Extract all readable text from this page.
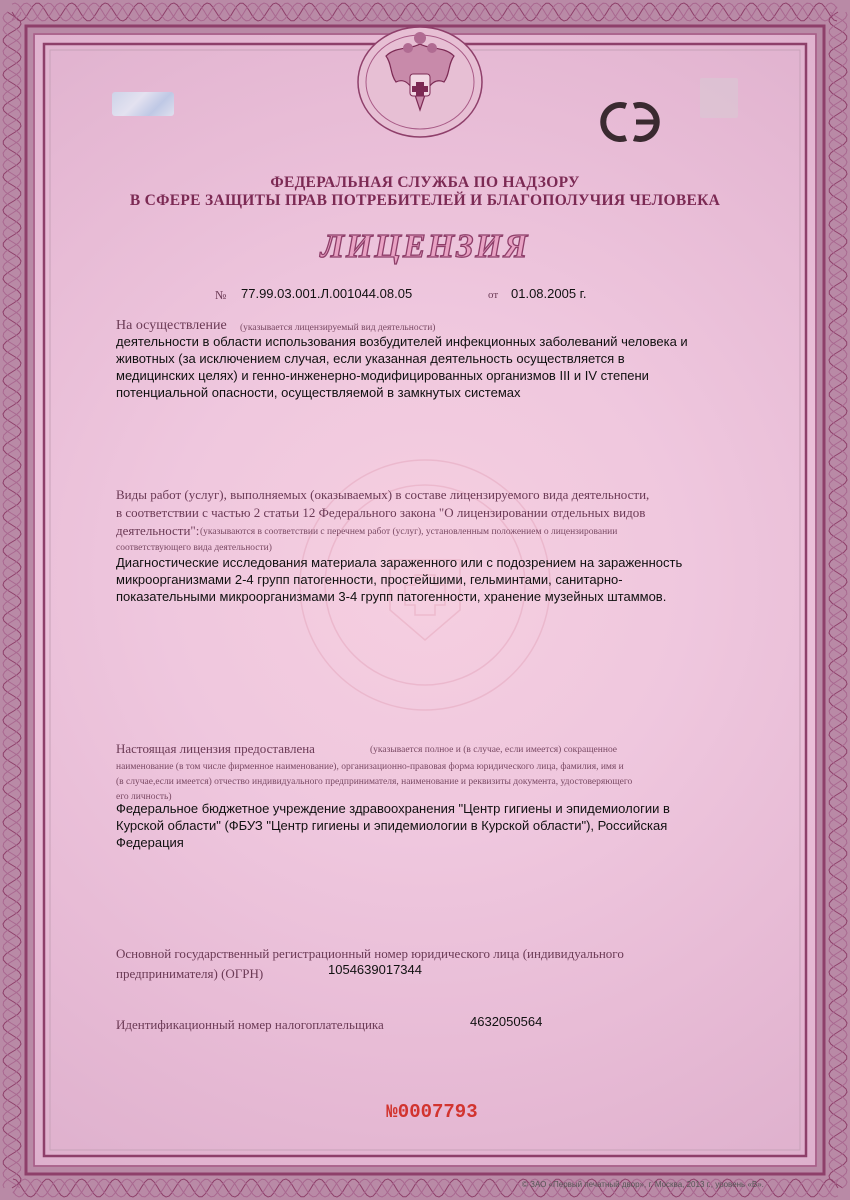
ФЕДЕРАЛЬНАЯ СЛУЖБА ПО НАДЗОРУ
В СФЕРЕ ЗАЩИТЫ ПРАВ ПОТРЕБИТЕЛЕЙ И БЛАГОПОЛУЧИЯ ЧЕЛОВЕКА
ЛИЦЕНЗИЯ
№ 77.99.03.001.Л.001044.08.05	от 01.08.2005 г.
На осуществление (указывается лицензируемый вид деятельности)
деятельности в области использования возбудителей инфекционных заболеваний человека и
животных (за исключением случая, если указанная деятельность осуществляется в
медицинских целях) и генно-инженерно-модифицированных организмов III и IV степени
потенциальной опасности, осуществляемой в замкнутых системах
Виды работ (услуг), выполняемых (оказываемых) в составе лицензируемого вида деятельности,
в соответствии с частью 2 статьи 12 Федерального закона "О лицензировании отдельных видов
деятельности": (указываются в соответствии с перечнем работ (услуг), установленным положением о лицензировании
соответствующего вида деятельности)
Диагностические исследования материала зараженного или с подозрением на зараженность
микроорганизмами 2-4 групп патогенности, простейшими, гельминтами, санитарно-
показательными микроорганизмами 3-4 групп патогенности, хранение музейных штаммов.
Настоящая лицензия предоставлена	(указывается полное и (в случае, если имеется) сокращенное
наименование (в том числе фирменное наименование), организационно-правовая форма юридического лица, фамилия, имя и
(в случае,если имеется) отчество индивидуального предпринимателя, наименование и реквизиты документа, удостоверяющего
его личность)
Федеральное бюджетное учреждение здравоохранения "Центр гигиены и эпидемиологии в
Курской области" (ФБУЗ "Центр гигиены и эпидемиологии в Курской области"), Российская
Федерация
Основной государственный регистрационный номер юридического лица (индивидуального
предпринимателя) (ОГРН)	1054639017344
Идентификационный номер налогоплательщика	4632050564
№0007793
© ЗАО «Первый печатный двор», г. Москва, 2013 г., уровень «В».
